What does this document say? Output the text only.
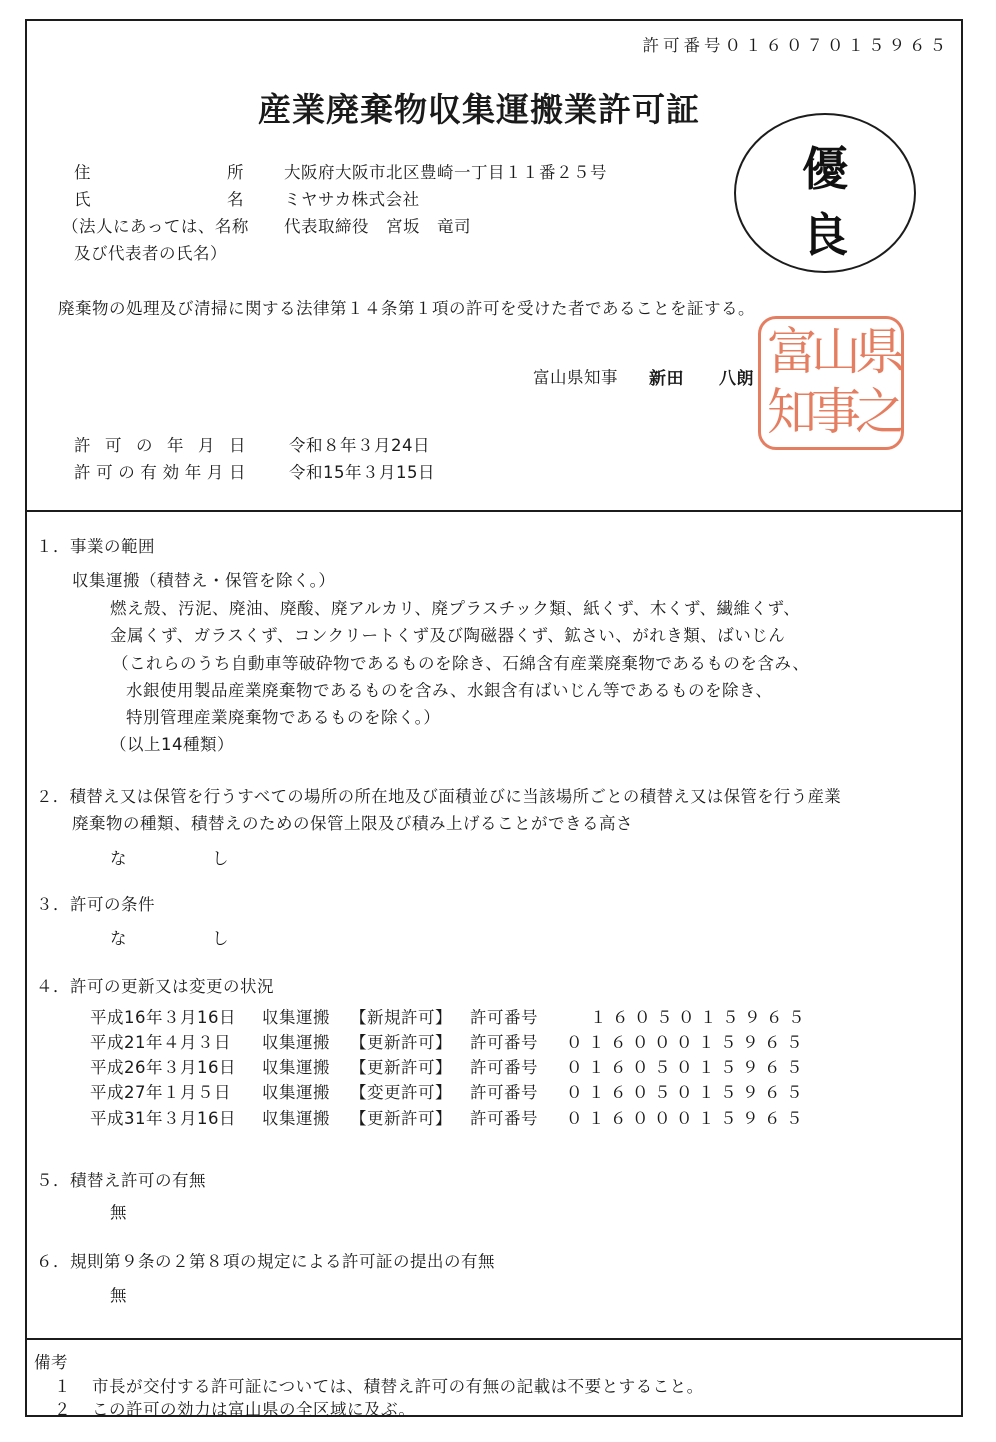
許可番号０１６０７０１５９６５
産業廃棄物収集運搬業許可証
優
良
住所 大阪府大阪市北区豊崎一丁目１１番２５号
氏名 ミヤサカ株式会社
（法人にあっては、名称 代表取締役　宮坂　竜司
及び代表者の氏名）
廃棄物の処理及び清掃に関する法律第１４条第１項の許可を受けた者であることを証する。
富山県知事 新田　　八朗 富
山
県
知
事
之
許可の年月日	令和８年３月24日
許可の有効年月日	令和15年３月15日
１．事業の範囲
収集運搬（積替え・保管を除く。）
燃え殻、汚泥、廃油、廃酸、廃アルカリ、廃プラスチック類、紙くず、木くず、繊維くず、
金属くず、ガラスくず、コンクリートくず及び陶磁器くず、鉱さい、がれき類、ばいじん
（これらのうち自動車等破砕物であるものを除き、石綿含有産業廃棄物であるものを含み、
水銀使用製品産業廃棄物であるものを含み、水銀含有ばいじん等であるものを除き、
特別管理産業廃棄物であるものを除く。）
（以上14種類）
２．積替え又は保管を行うすべての場所の所在地及び面積並びに当該場所ごとの積替え又は保管を行う産業
廃棄物の種類、積替えのための保管上限及び積み上げることができる高さ
な　　　　　し
３．許可の条件
な　　　　　し
４．許可の更新又は変更の状況
平成16年３月16日 収集運搬 【新規許可】 許可番号	１６０５０１５９６５
平成21年４月３日 収集運搬 【更新許可】 許可番号 ０１６０００１５９６５
平成26年３月16日 収集運搬 【更新許可】 許可番号 ０１６０５０１５９６５
平成27年１月５日 収集運搬 【変更許可】 許可番号 ０１６０５０１５９６５
平成31年３月16日 収集運搬 【更新許可】 許可番号 ０１６０００１５９６５
５．積替え許可の有無
無
６．規則第９条の２第８項の規定による許可証の提出の有無
無
備考
１ 市長が交付する許可証については、積替え許可の有無の記載は不要とすること。
２ この許可の効力は富山県の全区域に及ぶ。
